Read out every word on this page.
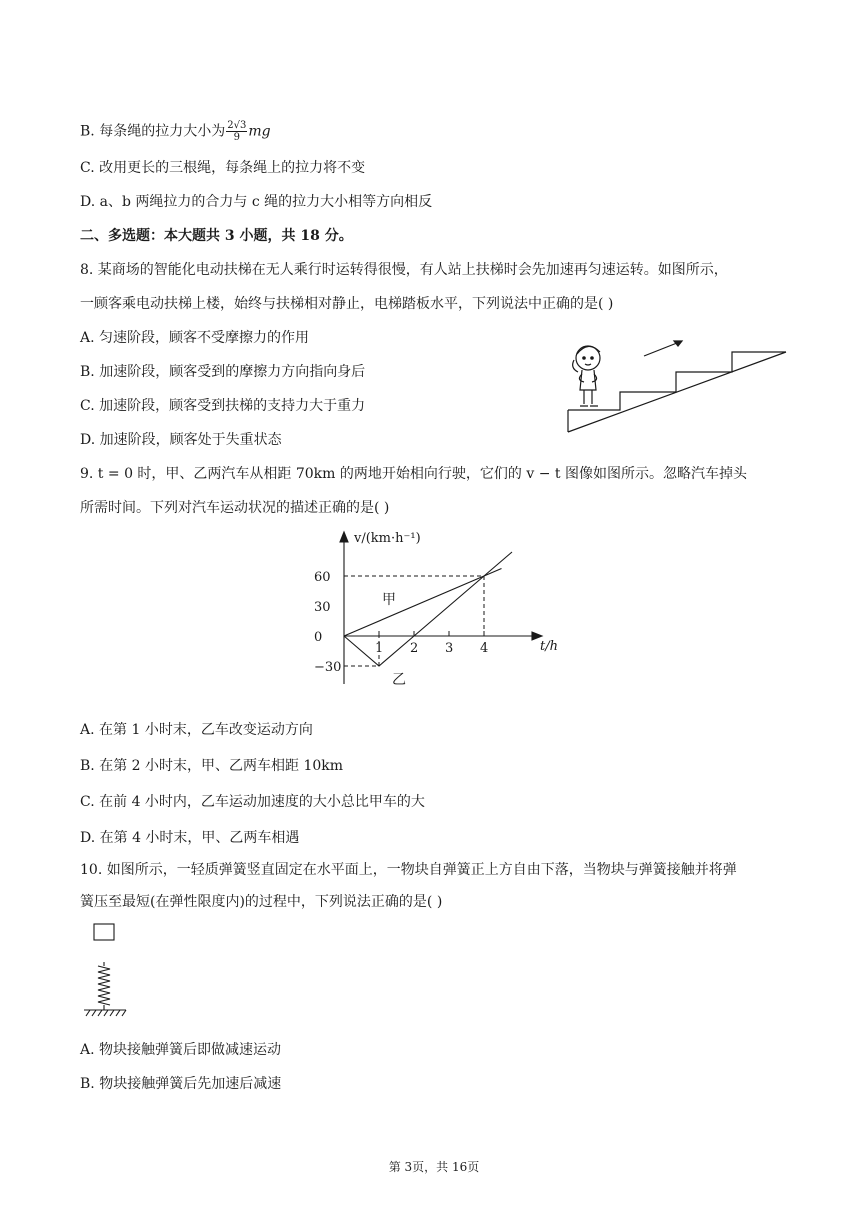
B. 每条绳的拉力大小为 $\frac{2√3}{9}$ mg
C. 改用更长的三根绳，每条绳上的拉力将不变
D. a、b 两绳拉力的合力与 c 绳的拉力大小相等方向相反
二、多选题：本大题共 3 小题，共 18 分。
8. 某商场的智能化电动扶梯在无人乘行时运转得很慢，有人站上扶梯时会先加速再匀速运转。如图所示，
一顾客乘电动扶梯上楼，始终与扶梯相对静止，电梯踏板水平，下列说法中正确的是( )
A. 匀速阶段，顾客不受摩擦力的作用
B. 加速阶段，顾客受到的摩擦力方向指向身后
C. 加速阶段，顾客受到扶梯的支持力大于重力
D. 加速阶段，顾客处于失重状态
9. t = 0 时，甲、乙两汽车从相距 70km 的两地开始相向行驶，它们的 v − t 图像如图所示。忽略汽车掉头
所需时间。下列对汽车运动状况的描述正确的是( )
1 2 3 4
60
30
0
−30
v/(km·h⁻¹)
t/h
甲
乙
A. 在第 1 小时末，乙车改变运动方向
B. 在第 2 小时末，甲、乙两车相距 10km
C. 在前 4 小时内，乙车运动加速度的大小总比甲车的大
D. 在第 4 小时末，甲、乙两车相遇
10. 如图所示，一轻质弹簧竖直固定在水平面上，一物块自弹簧正上方自由下落，当物块与弹簧接触并将弹
簧压至最短(在弹性限度内)的过程中，下列说法正确的是( )
A. 物块接触弹簧后即做减速运动
B. 物块接触弹簧后先加速后减速
第 3页，共 16页
